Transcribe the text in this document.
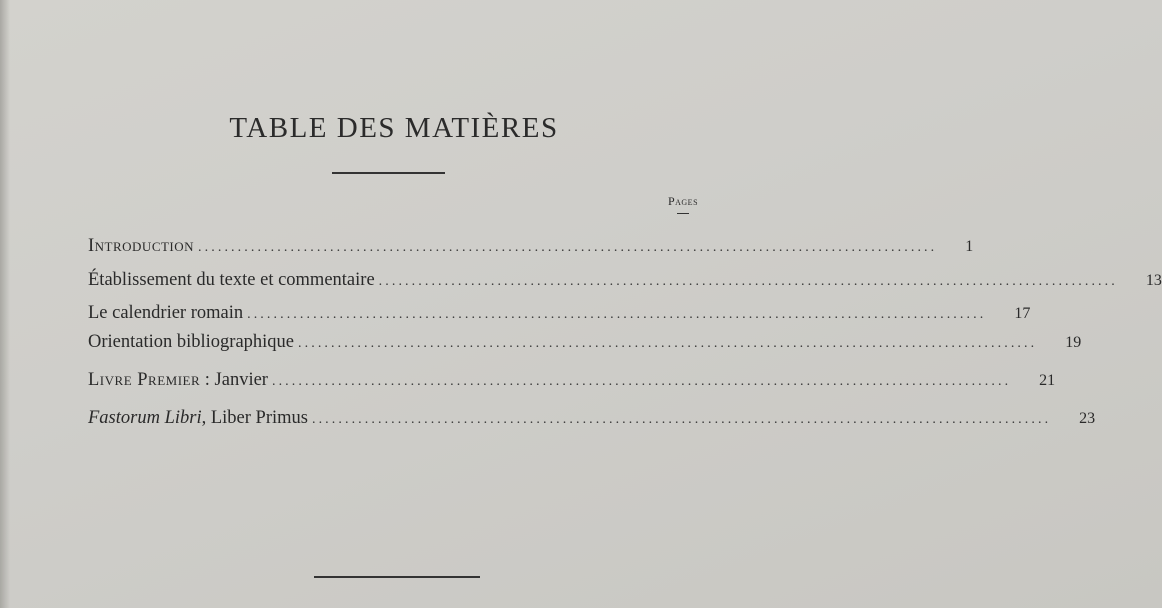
TABLE DES MATIÈRES
Pages
Introduction ................................................................................................................ 1
Établissement du texte et commentaire ................................................................................................................ 13
Le calendrier romain ................................................................................................................ 17
Orientation bibliographique ................................................................................................................ 19
Livre Premier : Janvier ................................................................................................................ 21
Fastorum Libri, Liber Primus ................................................................................................................ 23
